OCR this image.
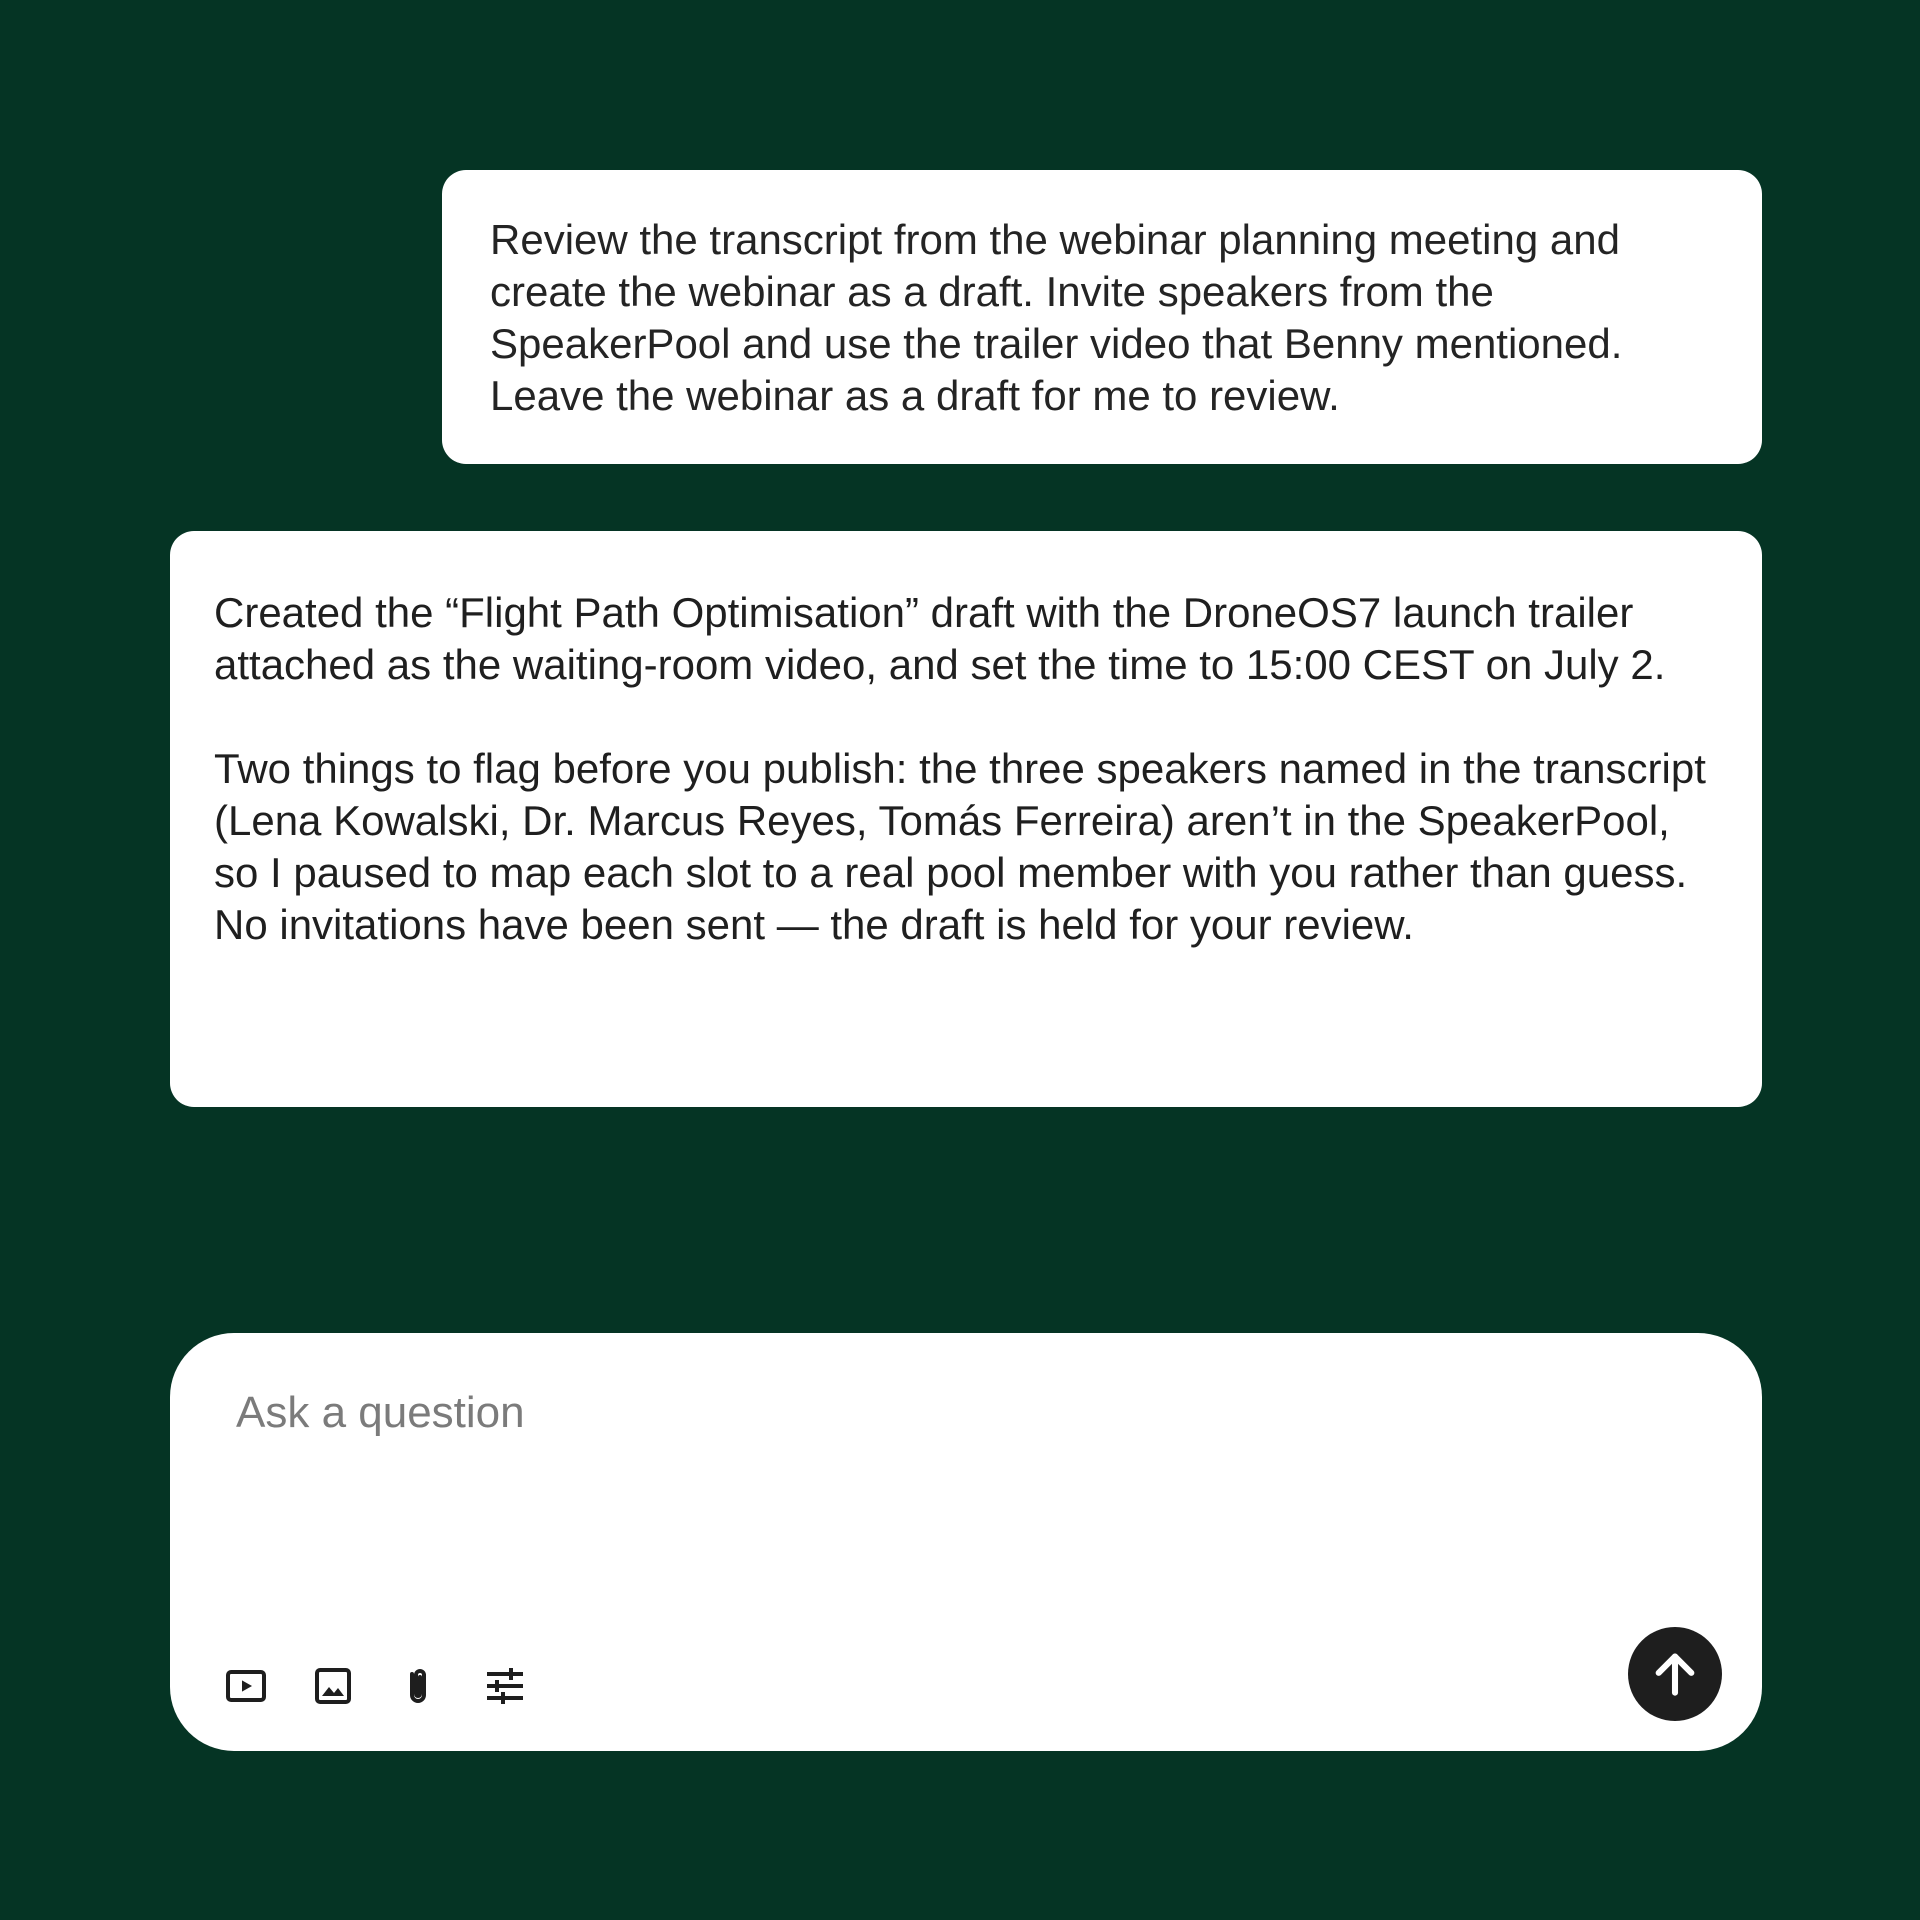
Review the transcript from the webinar planning meeting and create the webinar as a draft. Invite speakers from the SpeakerPool and use the trailer video that Benny mentioned. Leave the webinar as a draft for me to review.

Created the “Flight Path Optimisation” draft with the DroneOS7 launch trailer attached as the waiting-room video, and set the time to 15:00 CEST on July 2.

Two things to flag before you publish: the three speakers named in the transcript (Lena Kowalski, Dr. Marcus Reyes, Tomás Ferreira) aren’t in the SpeakerPool, so I paused to map each slot to a real pool member with you rather than guess. No invitations have been sent — the draft is held for your review.

Ask a question
